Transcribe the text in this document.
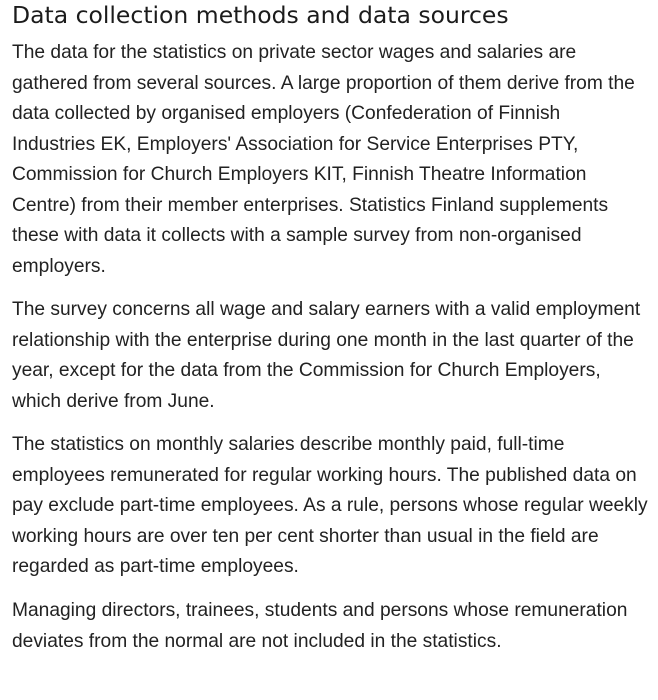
Data collection methods and data sources

The data for the statistics on private sector wages and salaries are gathered from several sources. A large proportion of them derive from the data collected by organised employers (Confederation of Finnish Industries EK, Employers' Association for Service Enterprises PTY, Commission for Church Employers KIT, Finnish Theatre Information Centre) from their member enterprises. Statistics Finland supplements these with data it collects with a sample survey from non-organised employers.

The survey concerns all wage and salary earners with a valid employment relationship with the enterprise during one month in the last quarter of the year, except for the data from the Commission for Church Employers, which derive from June.

The statistics on monthly salaries describe monthly paid, full-time employees remunerated for regular working hours. The published data on pay exclude part-time employees. As a rule, persons whose regular weekly working hours are over ten per cent shorter than usual in the field are regarded as part-time employees.

Managing directors, trainees, students and persons whose remuneration deviates from the normal are not included in the statistics.
